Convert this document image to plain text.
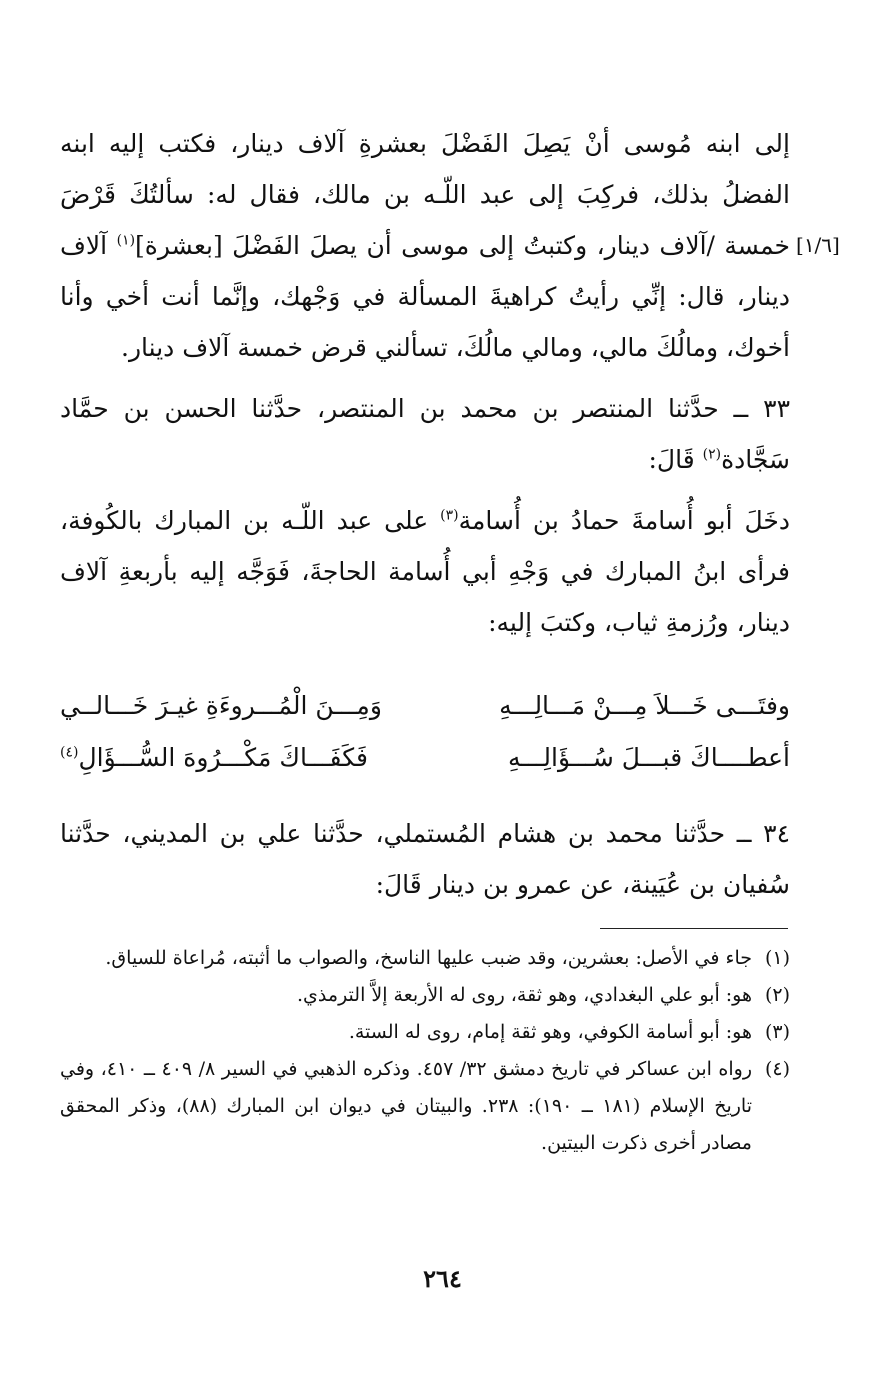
إلى ابنه مُوسى أنْ يَصِلَ الفَضْلَ بعشرةِ آلاف دينار، فكتب إليه ابنه الفضلُ بذلك، فركِبَ إلى عبد اللّـه بن مالك، فقال له: سألتُكَ قَرْضَ خمسة /آلاف دينار، وكتبتُ إلى موسى أن يصلَ الفَضْلَ [بعشرة]$^{(١)}$ آلاف دينار، قال: إنِّي رأيتُ كراهيةَ المسألة في وَجْهك، وإنَّما أنت أخي وأنا أخوك، ومالُكَ مالي، ومالي مالُكَ، تسألني قرض خمسة آلاف دينار.

٣٣ ــ حدَّثنا المنتصر بن محمد بن المنتصر، حدَّثنا الحسن بن حمَّاد سَجَّادة$^{(٢)}$ قَالَ:

دخَلَ أبو أُسامةَ حمادُ بن أُسامة$^{(٣)}$ على عبد اللّـه بن المبارك بالكُوفة، فرأى ابنُ المبارك في وَجْهِ أبي أُسامة الحاجةَ، فَوَجَّه إليه بأربعةِ آلاف دينار، ورُزمةِ ثياب، وكتبَ إليه:

[١/٦]
وفتَـــى خَـــلاَ مِـــنْ مَـــالِـــهِ
وَمِـــنَ الْمُـــروءَةِ غيـرَ خَـــالــي
أعطــــاكَ قبـــلَ سُـــؤَالِـــهِ
فَكَفَـــاكَ مَكْـــرُوهَ السُّـــؤَالِ$^{(٤)}$
٣٤ ــ حدَّثنا محمد بن هشام المُستملي، حدَّثنا علي بن المديني، حدَّثنا سُفيان بن عُيَينة، عن عمرو بن دينار قَالَ:
(١)
جاء في الأصل: بعشرين، وقد ضبب عليها الناسخ، والصواب ما أثبته، مُراعاة للسياق.
(٢)
هو: أبو علي البغدادي، وهو ثقة، روى له الأربعة إلاَّ الترمذي.
(٣)
هو: أبو أسامة الكوفي، وهو ثقة إمام، روى له الستة.
(٤)
رواه ابن عساكر في تاريخ دمشق ٣٢/ ٤٥٧. وذكره الذهبي في السير ٨/ ٤٠٩ ــ ٤١٠، وفي تاريخ الإسلام (١٨١ ــ ١٩٠): ٢٣٨. والبيتان في ديوان ابن المبارك (٨٨)، وذكر المحقق مصادر أخرى ذكرت البيتين.
٢٦٤
